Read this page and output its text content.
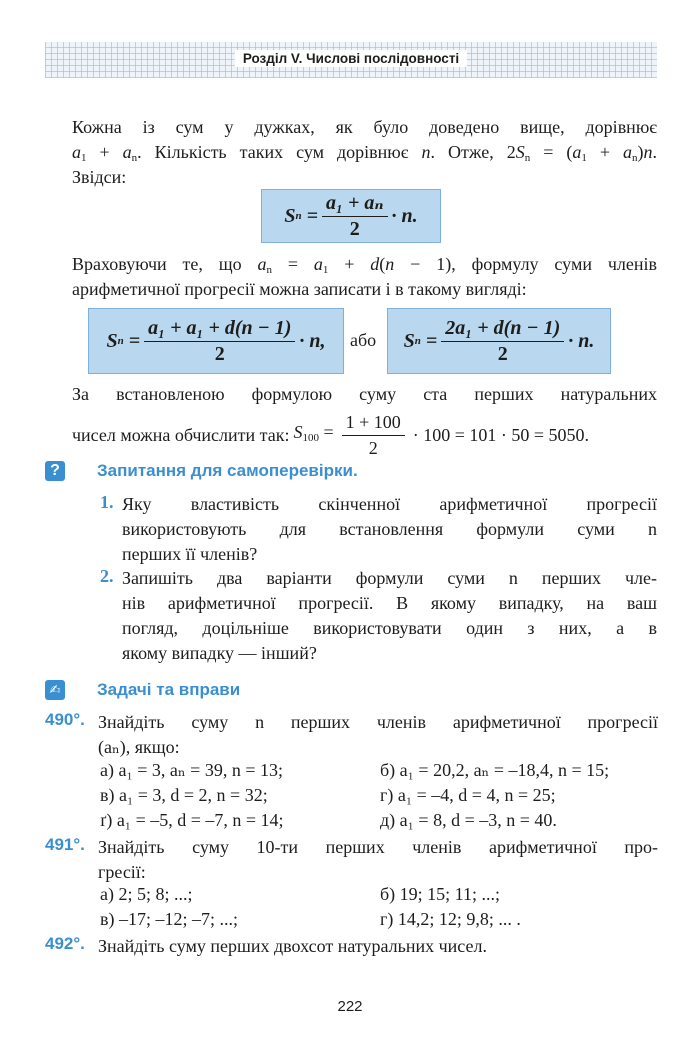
Розділ V. Числові послідовності
Кожна із сум у дужках, як було доведено вище, дорівнює
$a_1 + a_n$. Кількість таких сум дорівнює n. Отже, $2S_n = (a_1 + a_n)n$.
Звідси:
S $n = \frac{\text{a₁ + aₙ}}{2} \cdot n$.
Враховуючи те, що $a_n = a_1 + d(n - 1)$, формулу суми членів
арифметичної прогресії можна записати і в такому вигляді:
S $n = \frac{\text{a₁ + a₁ + d(n − 1)}}{2} \cdot n$, або S $n = \frac{\text{2a₁ + d(n − 1)}}{2} \cdot n$.
За встановленою формулою суму ста перших натуральних
чисел можна обчислити так: $S_{100} = \frac{1 + 100}{2} \cdot 100 = 101 \cdot 50 = 5050$.
?	Запитання для самоперевірки.
1. Яку властивість скінченної арифметичної прогресії
використовують для встановлення формули суми n
перших її членів?
2. Запишіть два варіанти формули суми n перших чле-
нів арифметичної прогресії. В якому випадку, на ваш
погляд, доцільніше використовувати один з них, а в
якому випадку — інший?
✍ Задачі та вправи
490°. Знайдіть суму n перших членів арифметичної прогресії
(aₙ), якщо:
а) a₁ = 3, aₙ = 39, n = 13;	б) a₁ = 20,2, aₙ = –18,4, n = 15;
в) a₁ = 3, d = 2, n = 32;	г) a₁ = –4, d = 4, n = 25;
ґ) a₁ = –5, d = –7, n = 14;	д) a₁ = 8, d = –3, n = 40.
491°. Знайдіть суму 10-ти перших членів арифметичної про-
гресії:
а) 2; 5; 8; ...;	б) 19; 15; 11; ...;
в) –17; –12; –7; ...;	г) 14,2; 12; 9,8; ... .
492°. Знайдіть суму перших двохсот натуральних чисел.
222
